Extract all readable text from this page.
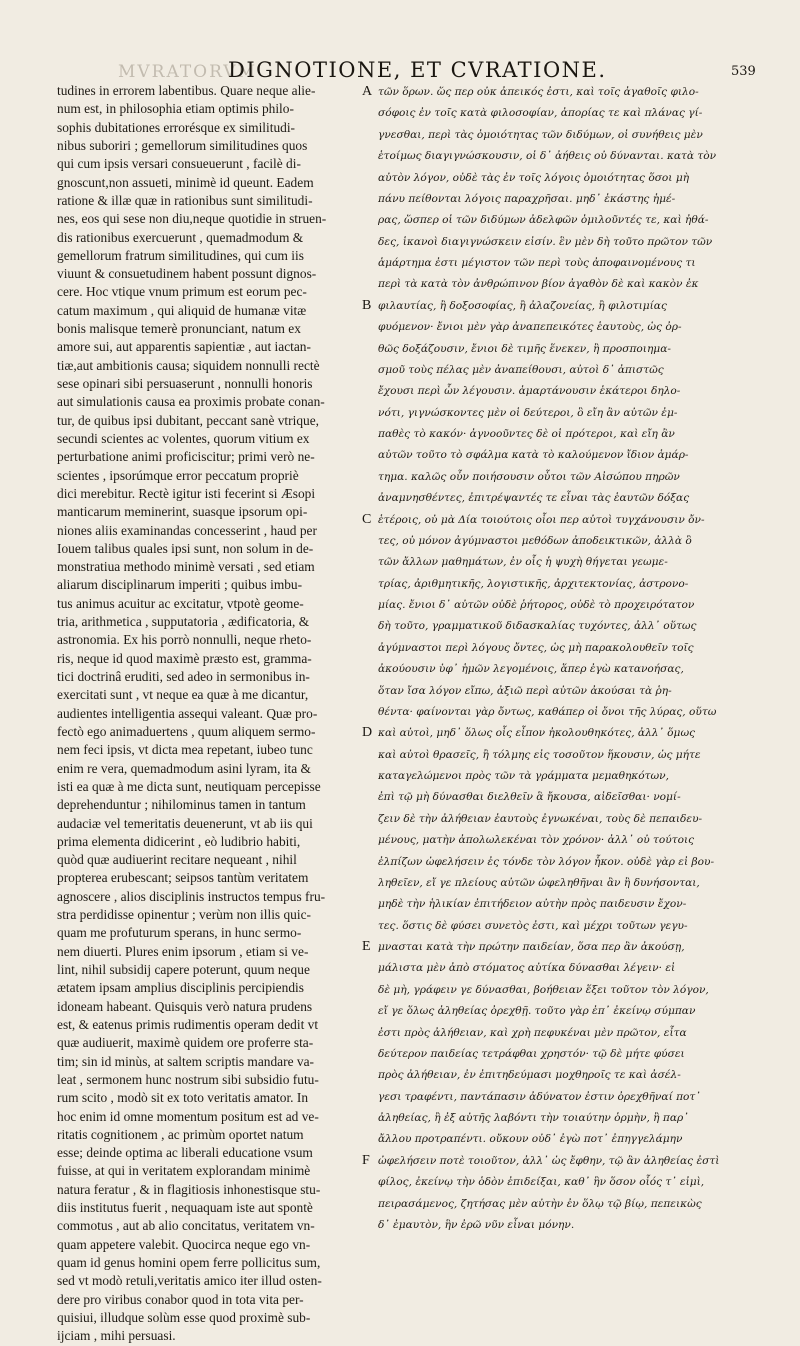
MVRATORVM
DIGNOTIONE, ET CVRATIONE.	539
tudines in errorem labentibus. Quare neque alie-
num est, in philosophia etiam optimis philo-
sophis dubitationes errorésque ex similitudi-
nibus suboriri ; gemellorum similitudines quos
qui cum ipsis versari consueuerunt , facilè di-
gnoscunt,non assueti, minimè id queunt. Eadem
ratione & illæ quæ in rationibus sunt similitudi-
nes, eos qui sese non diu,neque quotidie in struen-
dis rationibus exercuerunt , quemadmodum &
gemellorum fratrum similitudines, qui cum iis
viuunt & consuetudinem habent possunt dignos-
cere. Hoc vtique vnum primum est eorum pec-
catum maximum , qui aliquid de humanæ vitæ
bonis malisque temerè pronunciant, natum ex
amore sui, aut apparentis sapientiæ , aut iactan-
tiæ,aut ambitionis causa; siquidem nonnulli rectè
sese opinari sibi persuaserunt , nonnulli honoris
aut simulationis causa ea proximis probate conan-
tur, de quibus ipsi dubitant, peccant sanè vtrique,
secundi scientes ac volentes, quorum vitium ex
perturbatione animi proficiscitur; primi verò ne-
scientes , ipsorúmque error peccatum propriè
dici merebitur. Rectè igitur isti fecerint si Æsopi
manticarum meminerint, suasque ipsorum opi-
niones aliis examinandas concesserint , haud per
Iouem talibus quales ipsi sunt, non solum in de-
monstratiua methodo minimè versati , sed etiam
aliarum disciplinarum imperiti ; quibus imbu-
tus animus acuitur ac excitatur, vtpotè geome-
tria, arithmetica , supputatoria , ædificatoria, &
astronomia. Ex his porrò nonnulli, neque rheto-
ris, neque id quod maximè præsto est, gramma-
tici doctrinâ eruditi, sed adeo in sermonibus in-
exercitati sunt , vt neque ea quæ à me dicantur,
audientes intelligentia assequi valeant. Quæ pro-
fectò ego animaduertens , quum aliquem sermo-
nem feci ipsis, vt dicta mea repetant, iubeo tunc
enim re vera, quemadmodum asini lyram, ita &
isti ea quæ à me dicta sunt, neutiquam percepisse
deprehenduntur ; nihilominus tamen in tantum
audaciæ vel temeritatis deuenerunt, vt ab iis qui
prima elementa didicerint , eò ludibrio habiti,
quòd quæ audiuerint recitare nequeant , nihil
propterea erubescant; seipsos tantùm veritatem
agnoscere , alios disciplinis instructos tempus fru-
stra perdidisse opinentur ; verùm non illis quic-
quam me profuturum sperans, in hunc sermo-
nem diuerti. Plures enim ipsorum , etiam si ve-
lint, nihil subsidij capere poterunt, quum neque
ætatem ipsam amplius disciplinis percipiendis
idoneam habeant. Quisquis verò natura prudens
est, & eatenus primis rudimentis operam dedit vt
quæ audiuerit, maximè quidem ore proferre sta-
tim; sin id minùs, at saltem scriptis mandare va-
leat , sermonem hunc nostrum sibi subsidio futu-
rum scito , modò sit ex toto veritatis amator. In
hoc enim id omne momentum positum est ad ve-
ritatis cognitionem , ac primùm oportet natum
esse; deinde optima ac liberali educatione vsum
fuisse, at qui in veritatem explorandam minimè
natura feratur , & in flagitiosis inhonestisque stu-
diis institutus fuerit , nequaquam iste aut spontè
commotus , aut ab alio concitatus, veritatem vn-
quam appetere valebit. Quocirca neque ego vn-
quam id genus homini opem ferre pollicitus sum,
sed vt modò retuli,veritatis amico iter illud osten-
dere pro viribus conabor quod in tota vita per-
quisiui, illudque solùm esse quod proximè sub-
ijciam , mihi persuasi.
A
B
C
D
E
F
τῶν ὅρων. ὥς περ οὐκ ἀπεικός ἐστι, καὶ τοῖς ἀγαθοῖς φιλο-
σόφοις ἐν τοῖς κατὰ φιλοσοφίαν, ἀπορίας τε καὶ πλάνας γί-
γνεσθαι, περὶ τὰς ὁμοιότητας τῶν διδύμων, οἱ συνήθεις μὲν
ἑτοίμως διαγιγνώσκουσιν, οἱ δ᾽ ἀήθεις οὐ δύνανται. κατὰ τὸν
αὐτὸν λόγον, οὐδὲ τὰς ἐν τοῖς λόγοις ὁμοιότητας ὅσοι μὴ
πάνυ πείθονται λόγοις παραχρῆσαι. μηδ᾽ ἑκάστης ἡμέ-
ρας, ὥσπερ οἱ τῶν διδύμων ἀδελφῶν ὁμιλοῦντές τε, καὶ ἠθά-
δες, ἱκανοὶ διαγιγνώσκειν εἰσίν. ἓν μὲν δὴ τοῦτο πρῶτον τῶν
ἁμάρτημα ἐστι μέγιστον τῶν περὶ τοὺς ἀποφαινομένους τι
περὶ τὰ κατὰ τὸν ἀνθρώπινον βίον ἀγαθὸν δὲ καὶ κακὸν ἐκ
φιλαυτίας, ἢ δοξοσοφίας, ἢ ἀλαζονείας, ἢ φιλοτιμίας
φυόμενον· ἔνιοι μὲν γὰρ ἀναπεπεικότες ἑαυτοὺς, ὡς ὀρ-
θῶς δοξάζουσιν, ἔνιοι δὲ τιμῆς ἕνεκεν, ἢ προσποιημα-
σμοῦ τοὺς πέλας μὲν ἀναπείθουσι, αὐτοὶ δ᾽ ἀπιστῶς
ἔχουσι περὶ ὧν λέγουσιν. ἁμαρτάνουσιν ἑκάτεροι δηλο-
νότι, γιγνώσκοντες μὲν οἱ δεύτεροι, ὃ εἴη ἂν αὐτῶν ἐμ-
παθὲς τὸ κακόν· ἀγνοοῦντες δὲ οἱ πρότεροι, καὶ εἴη ἂν
αὐτῶν τοῦτο τὸ σφάλμα κατὰ τὸ καλούμενον ἴδιον ἁμάρ-
τημα. καλῶς οὖν ποιήσουσιν οὗτοι τῶν Αἰσώπου πηρῶν
ἀναμνησθέντες, ἐπιτρέψαντές τε εἶναι τὰς ἑαυτῶν δόξας
ἑτέροις, οὐ μὰ Δία τοιούτοις οἷοι περ αὐτοὶ τυγχάνουσιν ὄν-
τες, οὐ μόνον ἀγύμναστοι μεθόδων ἀποδεικτικῶν, ἀλλὰ ὃ
τῶν ἄλλων μαθημάτων, ἐν οἷς ἡ ψυχὴ θήγεται γεωμε-
τρίας, ἀριθμητικῆς, λογιστικῆς, ἀρχιτεκτονίας, ἀστρονο-
μίας. ἔνιοι δ᾽ αὐτῶν οὐδὲ ῥήτορος, οὐδὲ τὸ προχειρότατον
δὴ τοῦτο, γραμματικοῦ διδασκαλίας τυχόντες, ἀλλ᾽ οὕτως
ἀγύμναστοι περὶ λόγους ὄντες, ὡς μὴ παρακολουθεῖν τοῖς
ἀκούουσιν ὑφ᾽ ἡμῶν λεγομένοις, ἅπερ ἐγὼ κατανοήσας,
ὅταν ἴσα λόγον εἴπω, ἀξιῶ περὶ αὐτῶν ἀκούσαι τὰ ῥη-
θέντα· φαίνονται γὰρ ὄντως, καθάπερ οἱ ὄνοι τῆς λύρας, οὕτω
καὶ αὐτοὶ, μηδ᾽ ὅλως οἷς εἶπον ἠκολουθηκότες, ἀλλ᾽ ὅμως
καὶ αὐτοὶ θρασεῖς, ἢ τόλμης εἰς τοσοῦτον ἥκουσιν, ὡς μήτε
καταγελώμενοι πρὸς τῶν τὰ γράμματα μεμαθηκότων,
ἐπὶ τῷ μὴ δύνασθαι διελθεῖν ἃ ἤκουσα, αἰδεῖσθαι· νομί-
ζειν δὲ τὴν ἀλήθειαν ἑαυτοὺς ἐγνωκέναι, τοὺς δὲ πεπαιδευ-
μένους, ματὴν ἀπολωλεκέναι τὸν χρόνον· ἀλλ᾽ οὐ τούτοις
ἐλπίζων ὠφελήσειν ἐς τόνδε τὸν λόγον ἧκον. οὐδὲ γὰρ εἰ βου-
ληθεῖεν, εἴ γε πλείους αὐτῶν ὠφεληθῆναι ἂν ἢ δυνήσονται,
μηδὲ τὴν ἡλικίαν ἐπιτήδειον αὐτὴν πρὸς παιδευσιν ἔχον-
τες. ὅστις δὲ φύσει συνετὸς ἐστι, καὶ μέχρι τοῦτων γεγυ-
μνασται κατὰ τὴν πρώτην παιδείαν, ὅσα περ ἂν ἀκούσῃ,
μάλιστα μὲν ἀπὸ στόματος αὐτίκα δύνασθαι λέγειν· εἰ
δὲ μὴ, γράφειν γε δύνασθαι, βοήθειαν ἕξει τοῦτον τὸν λόγον,
εἴ γε ὅλως ἀληθείας ὀρεχθῇ. τοῦτο γὰρ ἐπ᾽ ἐκείνῳ σύμπαν
ἐστι πρὸς ἀλήθειαν, καὶ χρὴ πεφυκέναι μὲν πρῶτον, εἶτα
δεύτερον παιδείας τετράφθαι χρηστόν· τῷ δὲ μήτε φύσει
πρὸς ἀλήθειαν, ἐν ἐπιτηδεύμασι μοχθηροῖς τε καὶ ἀσέλ-
γεσι τραφέντι, παντάπασιν ἀδύνατον ἐστιν ὀρεχθῆναί ποτ᾽
ἀληθείας, ἢ ἐξ αὐτῆς λαβόντι τὴν τοιαύτην ὁρμὴν, ἢ παρ᾽
ἄλλου προτραπέντι. οὔκουν οὐδ᾽ ἐγὼ ποτ᾽ ἐπηγγελάμην
ὠφελήσειν ποτὲ τοιοῦτον, ἀλλ᾽ ὡς ἔφθην, τῷ ἂν ἀληθείας ἐστὶ
φίλος, ἐκείνῳ τὴν ὁδὸν ἐπιδείξαι, καθ᾽ ἣν ὅσον οἷός τ᾽ εἰμὶ,
πειρασάμενος, ζητήσας μὲν αὐτὴν ἐν ὅλῳ τῷ βίῳ, πεπεικὼς
δ᾽ ἐμαυτὸν, ἣν ἐρῶ νῦν εἶναι μόνην.
